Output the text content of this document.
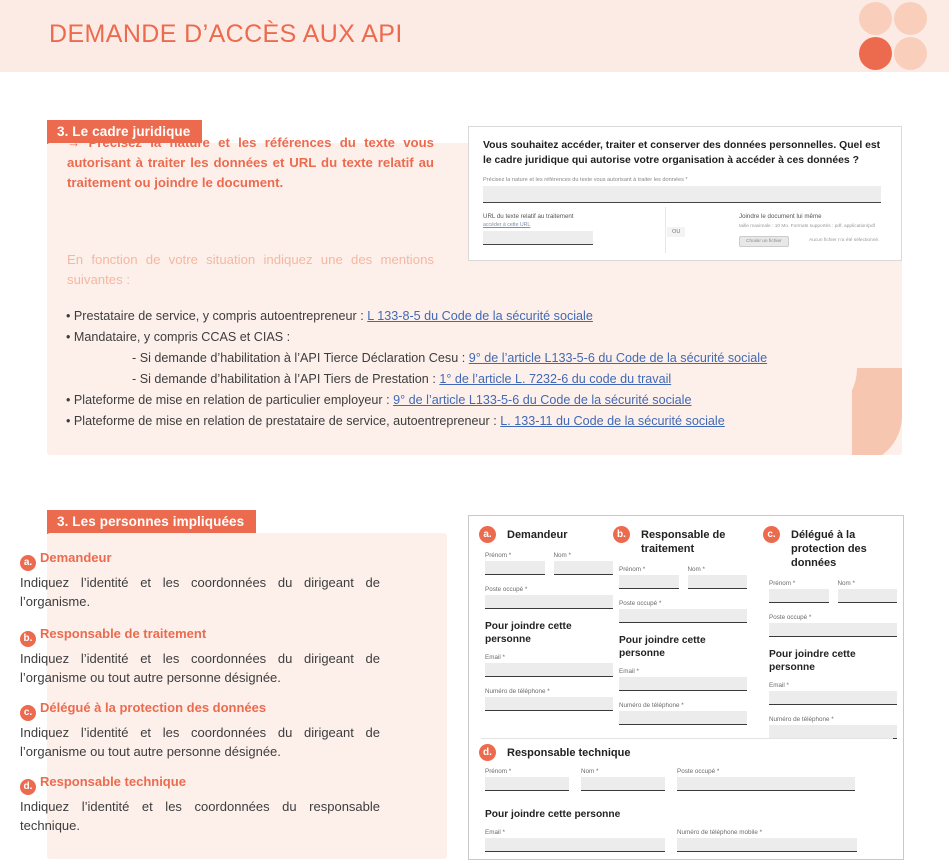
DEMANDE D’ACCÈS AUX API
3. Le cadre juridique
→ Précisez la nature et les références du texte vous autorisant à traiter les données et URL du texte relatif au traitement ou joindre le document.
En fonction de votre situation indiquez une des mentions suivantes :
Vous souhaitez accéder, traiter et conserver des données personnelles. Quel est le cadre juridique qui autorise votre organisation à accéder à ces données ?
Précisez la nature et les références du texte vous autorisant à traiter les données *
URL du texte relatif au traitement
accéder à cette URL
OU
Joindre le document lui même
taille maximale : 10 Mo. Formats supportés : pdf, application/pdf
Choisir un fichier	Aucun fichier n’a été sélectionné.
• Prestataire de service, y compris autoentrepreneur : L 133-8-5 du Code de la sécurité sociale
• Mandataire, y compris CCAS et CIAS :
- Si demande d’habilitation à l’API Tierce Déclaration Cesu : 9° de l’article L133-5-6 du Code de la sécurité sociale
- Si demande d’habilitation à l’API Tiers de Prestation : 1° de l’article L. 7232-6 du code du travail
• Plateforme de mise en relation de particulier employeur : 9° de l’article L133-5-6 du Code de la sécurité sociale
• Plateforme de mise en relation de prestataire de service, autoentrepreneur : L. 133-11 du Code de la sécurité sociale
3. Les personnes impliquées
a. Demandeur
Indiquez l’identité et les coordonnées du dirigeant de l’organisme.
b. Responsable de traitement
Indiquez l’identité et les coordonnées du dirigeant de l’organisme ou tout autre personne désignée.
c. Délégué à la protection des données
Indiquez l’identité et les coordonnées du dirigeant de l’organisme ou tout autre personne désignée.
d. Responsable technique
Indiquez l’identité et les coordonnées du responsable technique.
a.	Demandeur
Prénom *	Nom *
Poste occupé *
Pour joindre cette personne
Email *
Numéro de téléphone *
b.	Responsable de traitement
Prénom *	Nom *
Poste occupé *
Pour joindre cette personne
Email *
Numéro de téléphone *
c.	Délégué à la protection des données
Prénom *	Nom *
Poste occupé *
Pour joindre cette personne
Email *
Numéro de téléphone *
d.	Responsable technique
Prénom *	Nom *	Poste occupé *
Pour joindre cette personne
Email *	Numéro de téléphone mobile *
